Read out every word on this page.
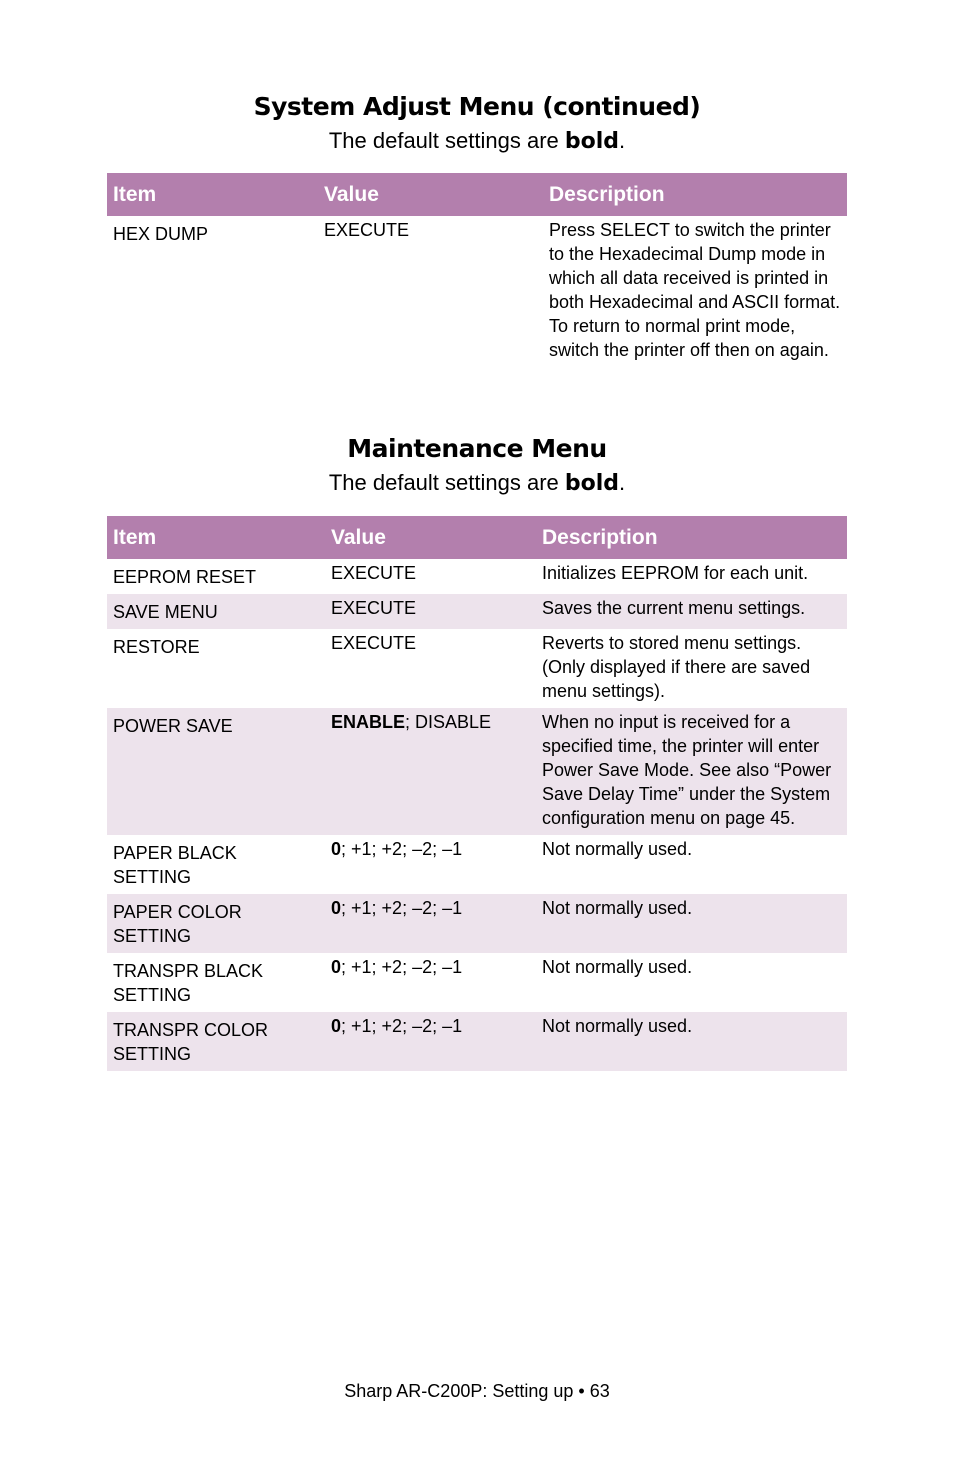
System Adjust Menu (continued)
The default settings are bold.
Item	Value	Description
HEX DUMP	EXECUTE	Press SELECT to switch the printer to the Hexadecimal Dump mode in which all data received is printed in both Hexadecimal and ASCII format. To return to normal print mode, switch the printer off then on again.
Maintenance Menu
The default settings are bold.
Item	Value	Description
EEPROM RESET	EXECUTE	Initializes EEPROM for each unit.
SAVE MENU	EXECUTE	Saves the current menu settings.
RESTORE	EXECUTE	Reverts to stored menu settings. (Only displayed if there are saved menu settings).
POWER SAVE	ENABLE; DISABLE	When no input is received for a specified time, the printer will enter Power Save Mode. See also “Power Save Delay Time” under the System configuration menu on page 45.
PAPER BLACK SETTING	0; +1; +2; –2; –1	Not normally used.
PAPER COLOR SETTING	0; +1; +2; –2; –1	Not normally used.
TRANSPR BLACK SETTING	0; +1; +2; –2; –1	Not normally used.
TRANSPR COLOR SETTING	0; +1; +2; –2; –1	Not normally used.
Sharp AR-C200P: Setting up • 63
